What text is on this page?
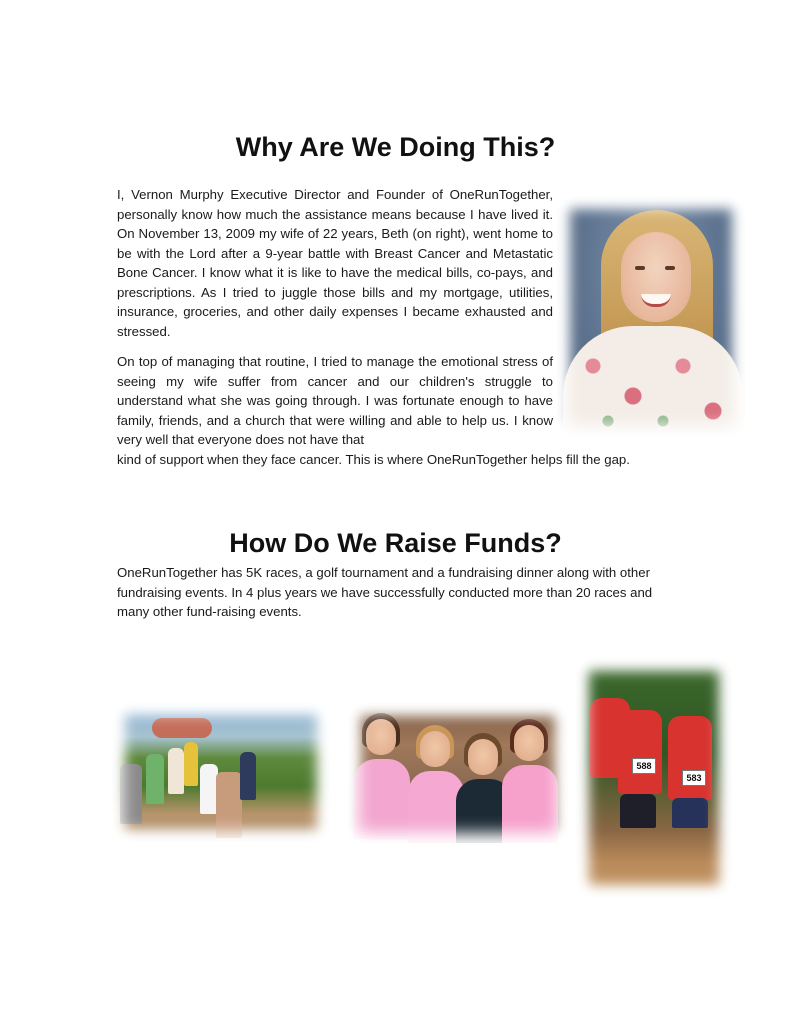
Why Are We Doing This?

I, Vernon Murphy Executive Director and Founder of OneRunTogether, personally know how much the assistance means because I have lived it. On November 13, 2009 my wife of 22 years, Beth (on right), went home to be with the Lord after a 9-year battle with Breast Cancer and Metastatic Bone Cancer. I know what it is like to have the medical bills, co-pays, and prescriptions. As I tried to juggle those bills and my mortgage, utilities, insurance, groceries, and other daily expenses I became exhausted and stressed.

On top of managing that routine, I tried to manage the emotional stress of seeing my wife suffer from cancer and our children's struggle to understand what she was going through. I was fortunate enough to have family, friends, and a church that were willing and able to help us. I know very well that everyone does not have that

kind of support when they face cancer. This is where OneRunTogether helps fill the gap.

How Do We Raise Funds?

OneRunTogether has 5K races, a golf tournament and a fundraising dinner along with other fundraising events. In 4 plus years we have successfully conducted more than 20 races and many other fund-raising events.

588
583
